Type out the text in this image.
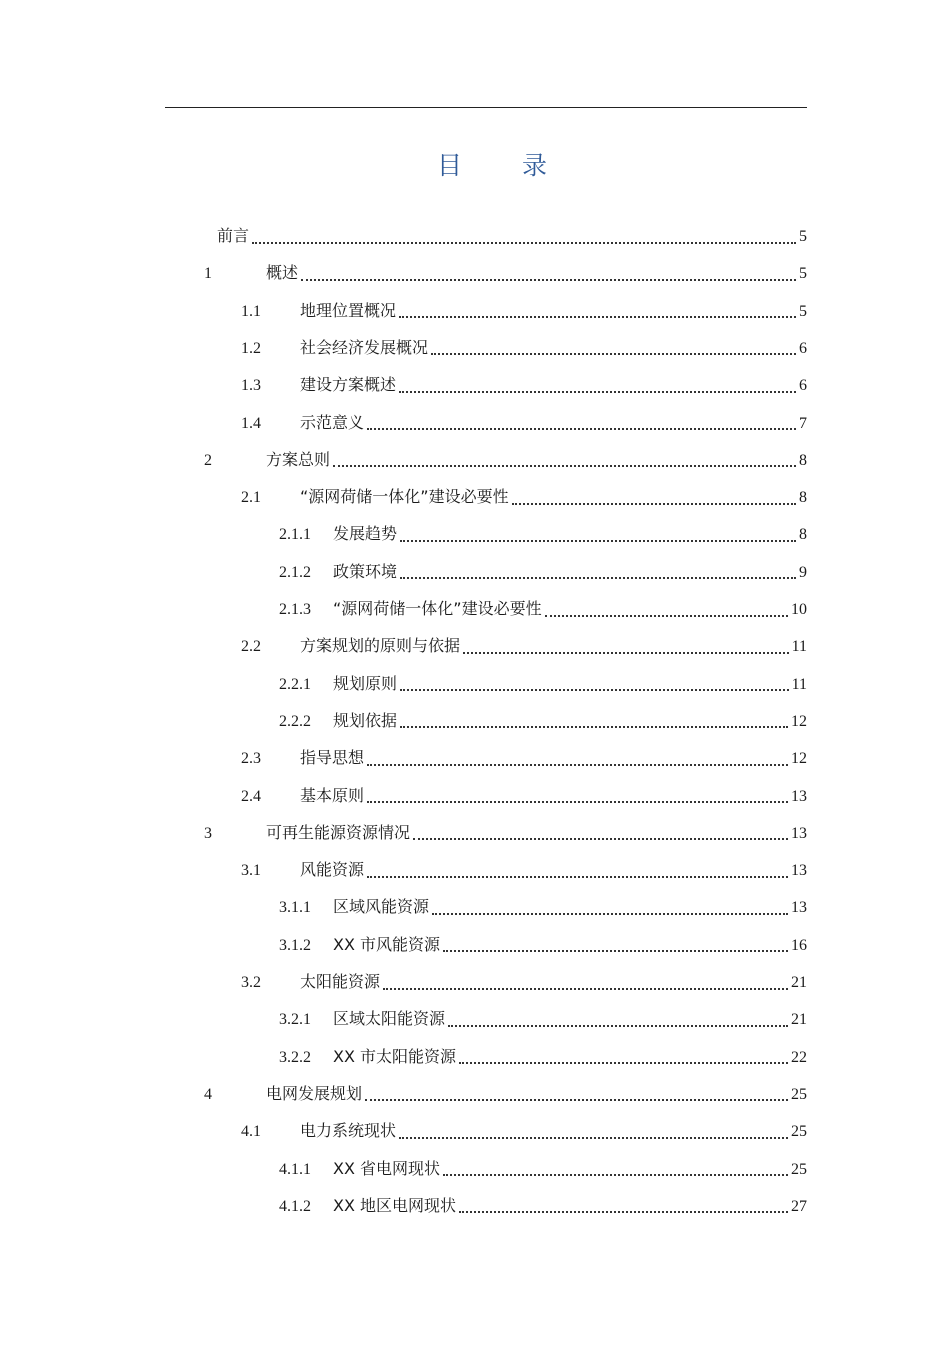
目 录
前言	5
1	概述	5
1.1	地理位置概况	5
1.2	社会经济发展概况	6
1.3	建设方案概述	6
1.4	示范意义	7
2	方案总则	8
2.1	“源网荷储一体化”建设必要性	8
2.1.1	发展趋势	8
2.1.2	政策环境	9
2.1.3	“源网荷储一体化”建设必要性	10
2.2	方案规划的原则与依据	11
2.2.1	规划原则	11
2.2.2	规划依据	12
2.3	指导思想	12
2.4	基本原则	13
3	可再生能源资源情况	13
3.1	风能资源	13
3.1.1	区域风能资源	13
3.1.2	XX 市风能资源	16
3.2	太阳能资源	21
3.2.1	区域太阳能资源	21
3.2.2	XX 市太阳能资源	22
4	电网发展规划	25
4.1	电力系统现状	25
4.1.1	XX 省电网现状	25
4.1.2	XX 地区电网现状	27
